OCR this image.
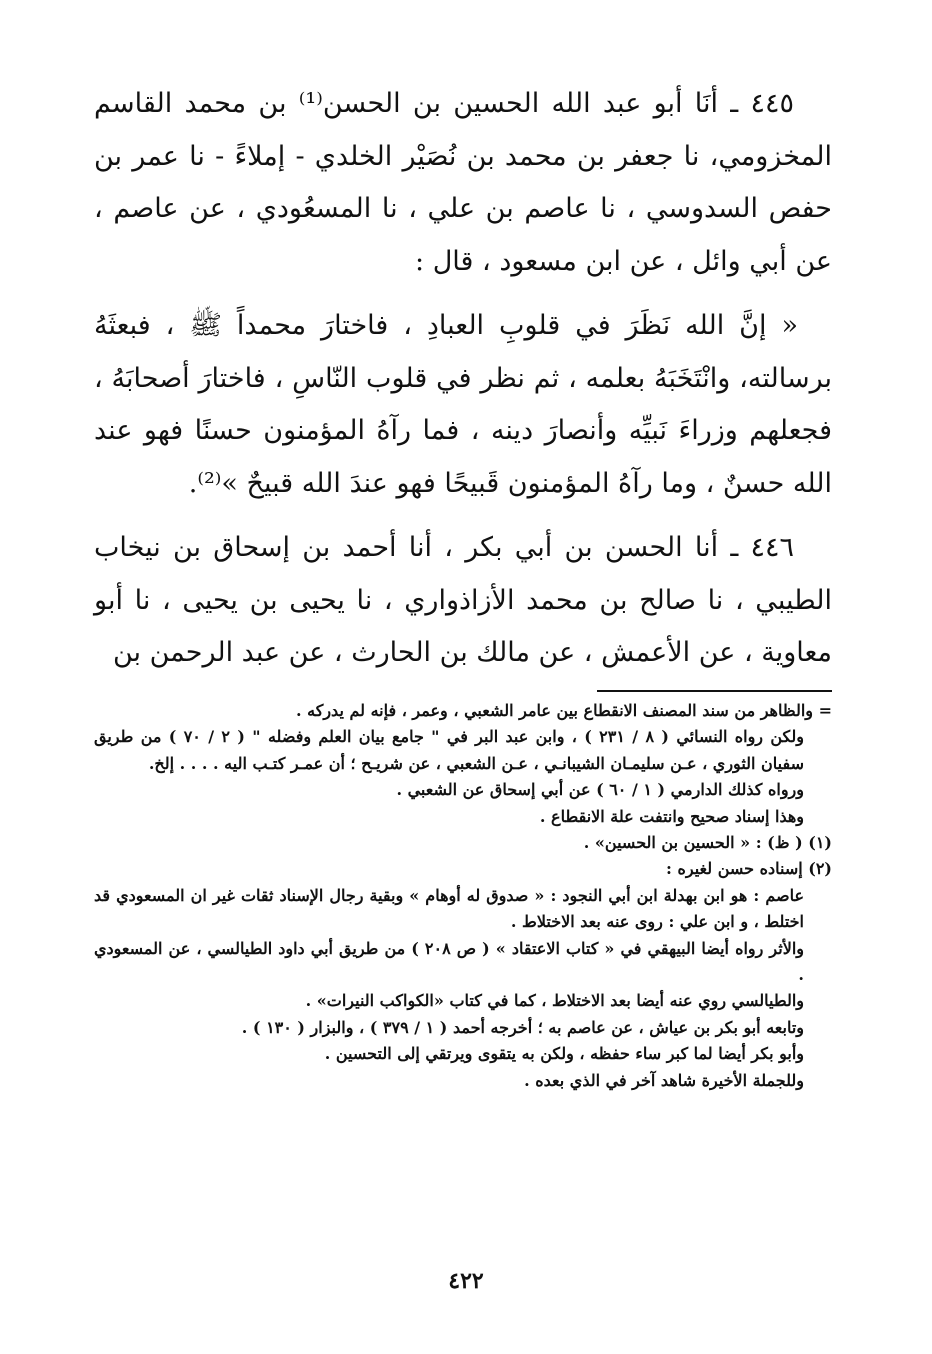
٤٤٥ ـ أنَا أبو عبد الله الحسين بن الحسن⁽¹⁾ بن محمد القاسم المخزومي، نا جعفر بن محمد بن نُصَيْر الخلدي - إملاءً - نا عمر بن حفص السدوسي ، نا عاصم بن علي ، نا المسعُودي ، عن عاصم ، عن أبي وائل ، عن ابن مسعود ، قال :

« إنَّ الله نَظَرَ في قلوبِ العبادِ ، فاختارَ محمداً ﷺ ، فبعثَهُ برسالته، وانْتَخَبَهُ بعلمه ، ثم نظر في قلوب النّاسِ ، فاختارَ أصحابَهُ ، فجعلهم وزراءَ نَبيِّه وأنصارَ دينه ، فما رآهُ المؤمنون حسنًا فهو عند الله حسنٌ ، وما رآهُ المؤمنون قَبيحًا فهو عندَ الله قبيحٌ »⁽²⁾.

٤٤٦ ـ أنا الحسن بن أبي بكر ، أنا أحمد بن إسحاق بن نيخاب الطيبي ، نا صالح بن محمد الأزاذواري ، نا يحيى بن يحيى ، نا أبو معاوية ، عن الأعمش ، عن مالك بن الحارث ، عن عبد الرحمن بن

= والظاهر من سند المصنف الانقطاع بين عامر الشعبي ، وعمر ، فإنه لم يدركه .

ولكن رواه النسائي ( ٨ / ٢٣١ ) ، وابن عبد البر في " جامع بيان العلم وفضله " ( ٢ / ٧٠ ) من طريق سفيان الثوري ، عـن سليمـان الشيبانـي ، عـن الشعبي ، عن شريـح ؛ أن عمـر كتـب اليه . . . . إلخ.

ورواه كذلك الدارمي ( ١ / ٦٠ ) عن أبي إسحاق عن الشعبي .

وهذا إسناد صحيح وانتفت علة الانقطاع .

(١) ( ظ) : « الحسين بن الحسين» .

(٢) إسناده حسن لغيره :

عاصم : هو ابن بهدلة ابن أبي النجود : « صدوق له أوهام » وبقية رجال الإسناد ثقات غير ان المسعودي قد اختلط ، و ابن علي : روى عنه بعد الاختلاط .

والأثر رواه أيضا البيهقي في « كتاب الاعتقاد » ( ص ٢٠٨ ) من طريق أبي داود الطيالسي ، عن المسعودي .

والطيالسي روي عنه أيضا بعد الاختلاط ، كما في كتاب «الكواكب النيرات» .

وتابعه أبو بكر بن عياش ، عن عاصم به ؛ أخرجه أحمد ( ١ / ٣٧٩ ) ، والبزار ( ١٣٠ ) .

وأبو بكر أيضا لما كبر ساء حفظه ، ولكن به يتقوى ويرتقي إلى التحسين .

وللجملة الأخيرة شاهد آخر في الذي بعده .

٤٢٢
